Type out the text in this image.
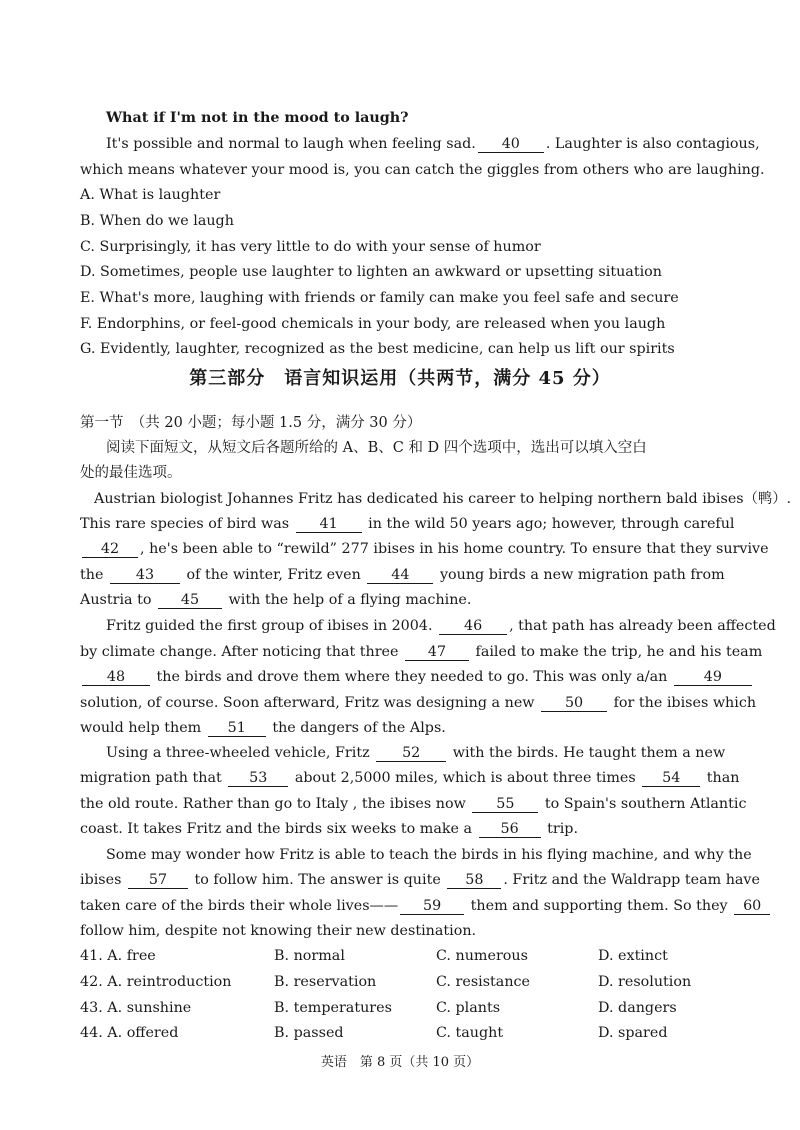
What if I'm not in the mood to laugh?
It's possible and normal to laugh when feeling sad. 40 . Laughter is also contagious,
which means whatever your mood is, you can catch the giggles from others who are laughing.
A. What is laughter
B. When do we laugh
C. Surprisingly, it has very little to do with your sense of humor
D. Sometimes, people use laughter to lighten an awkward or upsetting situation
E. What's more, laughing with friends or family can make you feel safe and secure
F. Endorphins, or feel-good chemicals in your body, are released when you laugh
G. Evidently, laughter, recognized as the best medicine, can help us lift our spirits
第三部分　语言知识运用（共两节，满分 45 分）
第一节　（共 20 小题；每小题 1.5 分，满分 30 分）
阅读下面短文，从短文后各题所给的 A、B、C 和 D 四个选项中，选出可以填入空白
处的最佳选项。
Austrian biologist Johannes Fritz has dedicated his career to helping northern bald ibises（鸭）.
This rare species of bird was 41 in the wild 50 years ago; however, through careful
42 , he's been able to “rewild” 277 ibises in his home country. To ensure that they survive
the 43 of the winter, Fritz even 44 young birds a new migration path from
Austria to 45 with the help of a flying machine.
Fritz guided the first group of ibises in 2004. 46 , that path has already been affected
by climate change. After noticing that three 47 failed to make the trip, he and his team
48 the birds and drove them where they needed to go. This was only a/an	49
solution, of course. Soon afterward, Fritz was designing a new 50 for the ibises which
would help them 51 the dangers of the Alps.
Using a three-wheeled vehicle, Fritz 52 with the birds. He taught them a new
migration path that 53 about 2,5000 miles, which is about three times 54 than
the old route. Rather than go to Italy , the ibises now 55 to Spain's southern Atlantic
coast. It takes Fritz and the birds six weeks to make a 56 trip.
Some may wonder how Fritz is able to teach the birds in his flying machine, and why the
ibises 57 to follow him. The answer is quite 58 . Fritz and the Waldrapp team have
taken care of the birds their whole lives—— 59 them and supporting them. So they 60
follow him, despite not knowing their new destination.
41. A. free	B. normal	C. numerous	D. extinct
42. A. reintroduction	B. reservation	C. resistance	D. resolution
43. A. sunshine	B. temperatures	C. plants	D. dangers
44. A. offered	B. passed	C. taught	D. spared
英语　第 8 页（共 10 页）
